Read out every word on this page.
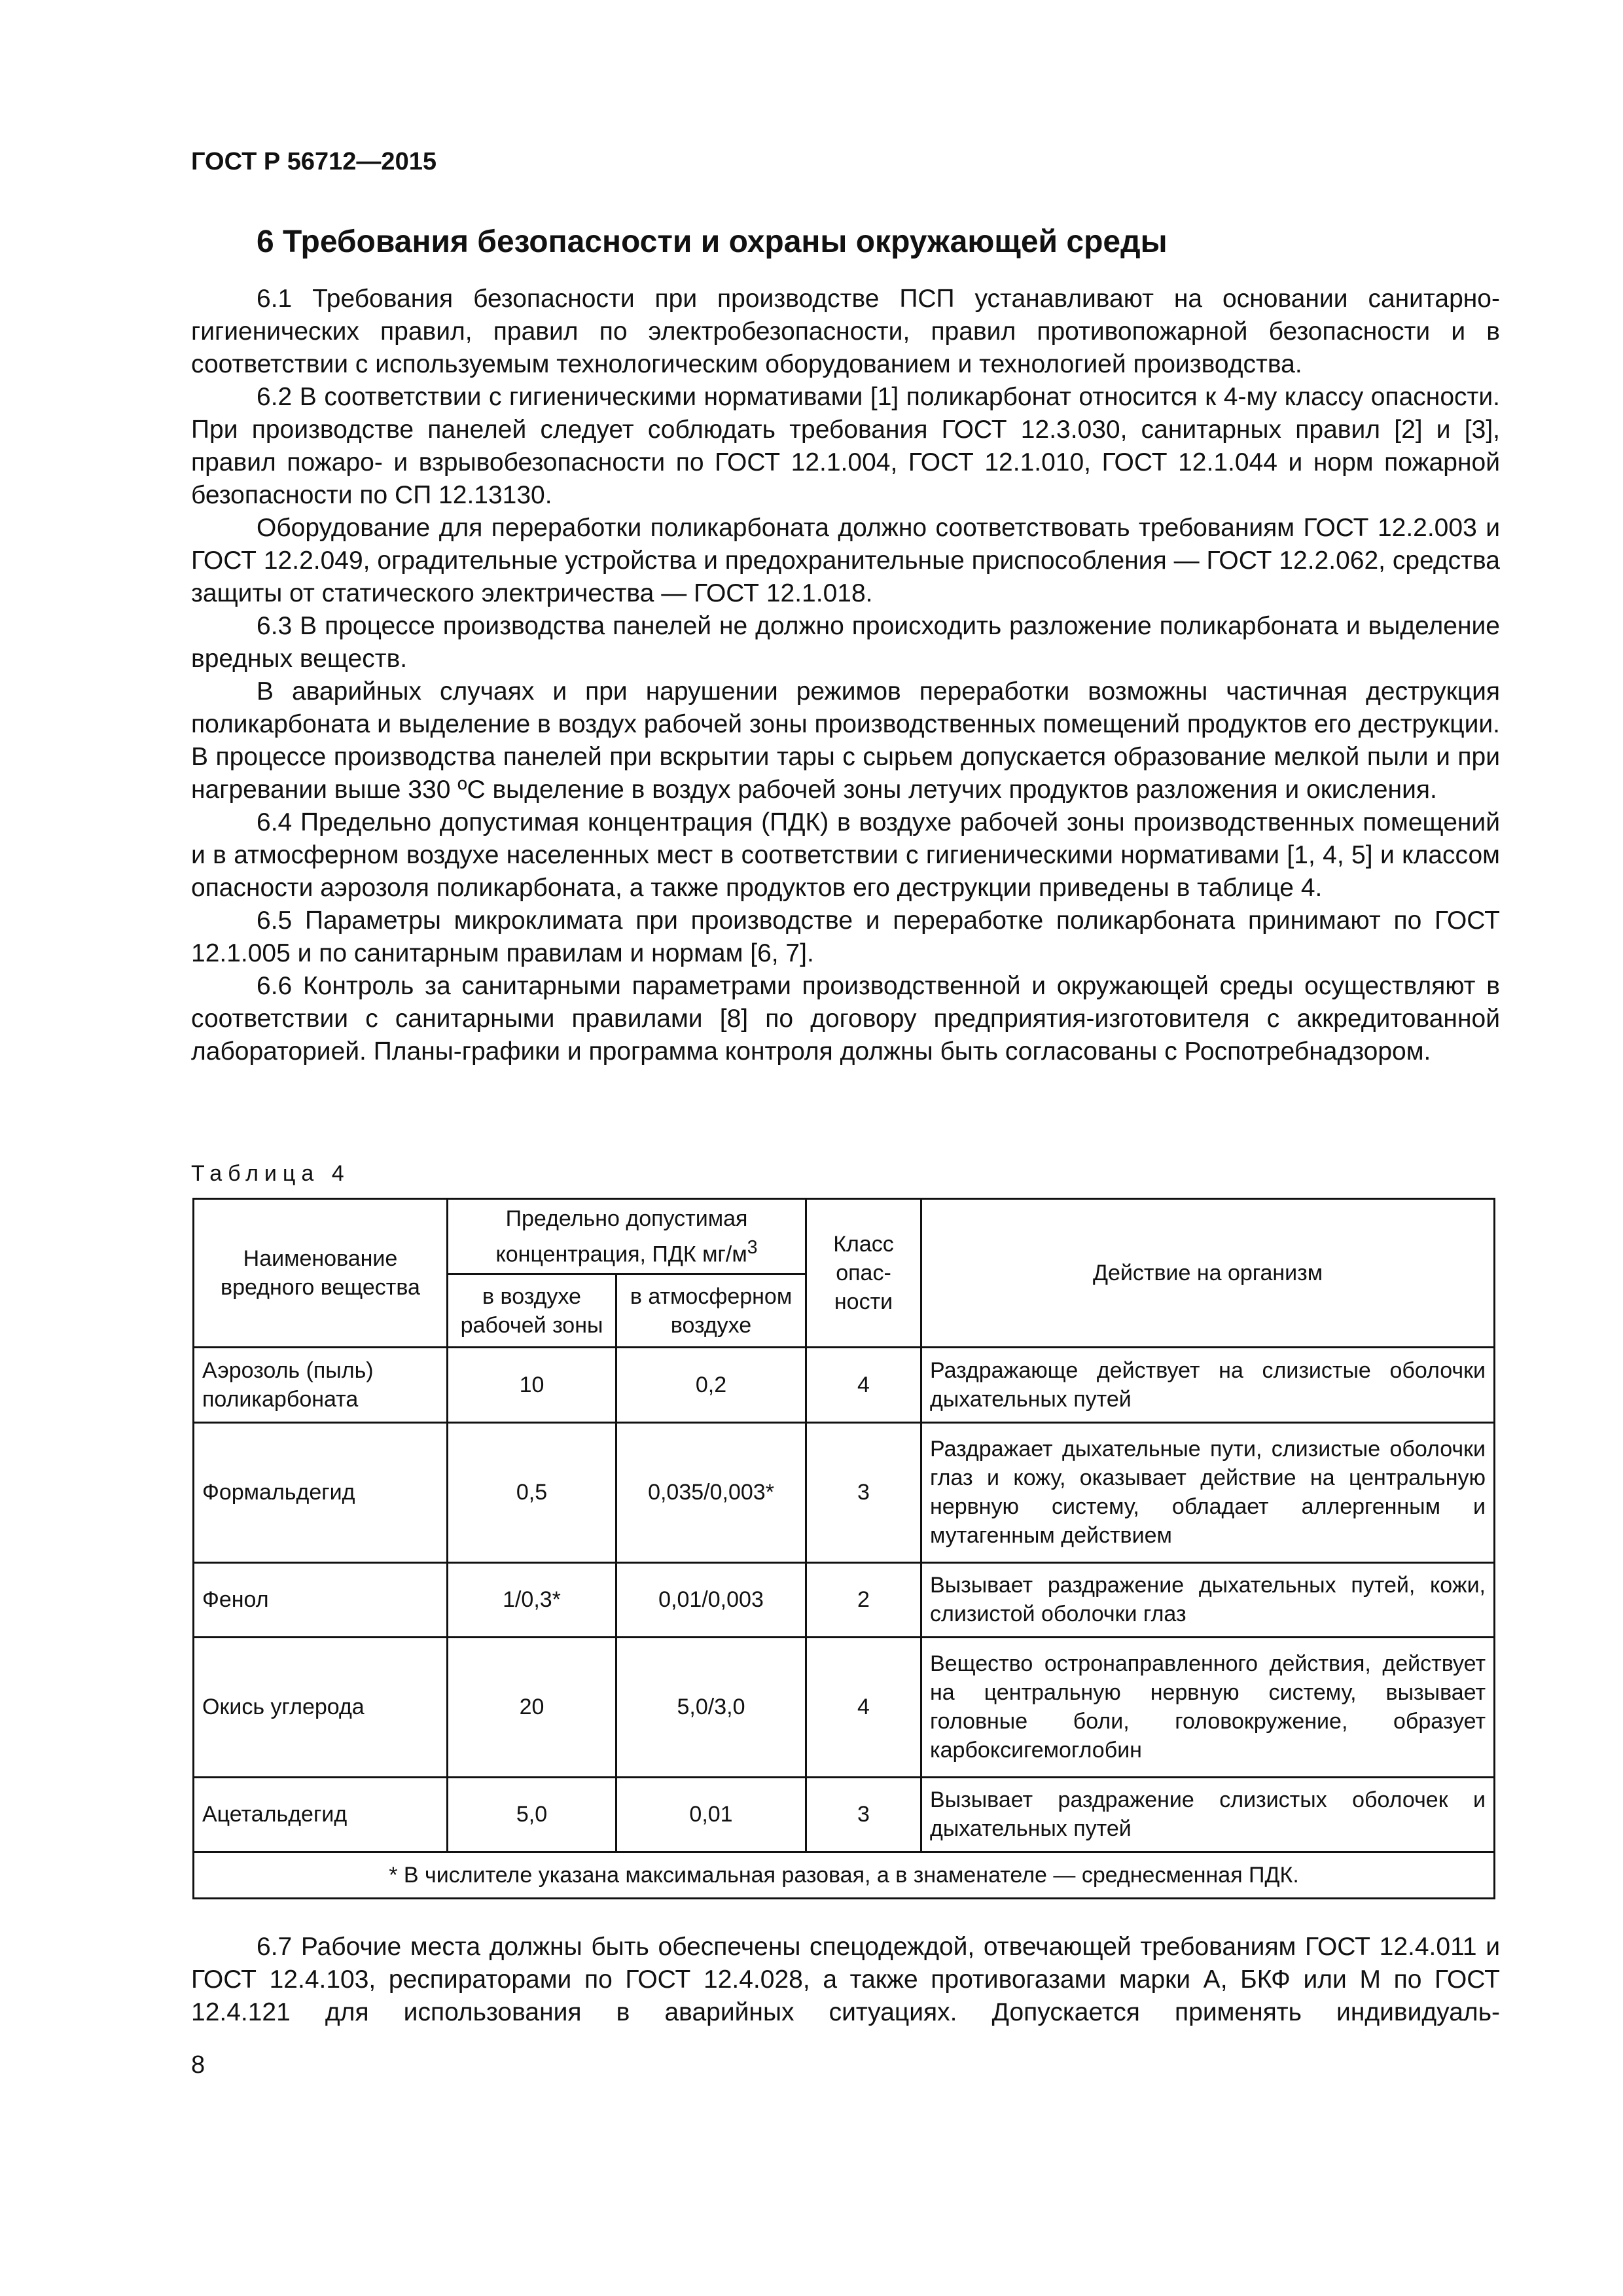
ГОСТ Р 56712—2015
6 Требования безопасности и охраны окружающей среды

6.1 Требования безопасности при производстве ПСП устанавливают на основании санитарно-гигиенических правил, правил по электробезопасности, правил противопожарной безопасности и в соответствии с используемым технологическим оборудованием и технологией производства.

6.2 В соответствии с гигиеническими нормативами [1] поликарбонат относится к 4-му классу опасности. При производстве панелей следует соблюдать требования ГОСТ 12.3.030, санитарных правил [2] и [3], правил пожаро- и взрывобезопасности по ГОСТ 12.1.004, ГОСТ 12.1.010, ГОСТ 12.1.044 и норм пожарной безопасности по СП 12.13130.

Оборудование для переработки поликарбоната должно соответствовать требованиям ГОСТ 12.2.003 и ГОСТ 12.2.049, оградительные устройства и предохранительные приспособления — ГОСТ 12.2.062, средства защиты от статического электричества — ГОСТ 12.1.018.

6.3 В процессе производства панелей не должно происходить разложение поликарбоната и выделение вредных веществ.

В аварийных случаях и при нарушении режимов переработки возможны частичная деструкция поликарбоната и выделение в воздух рабочей зоны производственных помещений продуктов его деструкции. В процессе производства панелей при вскрытии тары с сырьем допускается образование мелкой пыли и при нагревании выше 330 ºС выделение в воздух рабочей зоны летучих продуктов разложения и окисления.

6.4 Предельно допустимая концентрация (ПДК) в воздухе рабочей зоны производственных помещений и в атмосферном воздухе населенных мест в соответствии с гигиеническими нормативами [1, 4, 5] и классом опасности аэрозоля поликарбоната, а также продуктов его деструкции приведены в таблице 4.

6.5 Параметры микроклимата при производстве и переработке поликарбоната принимают по ГОСТ 12.1.005 и по санитарным правилам и нормам [6, 7].

6.6 Контроль за санитарными параметрами производственной и окружающей среды осуществляют в соответствии с санитарными правилами [8] по договору предприятия-изготовителя с аккредитованной лабораторией. Планы-графики и программа контроля должны быть согласованы с Роспотребнадзором.

Таблица 4
Наименование вредного вещества	Предельно допустимая концентрация, ПДК $мг/м^3$		Класс опас-ности	Действие на организм
	в воздухе рабочей зоны	в атмосферном воздухе		
Аэрозоль (пыль) поликарбоната	10	0,2	4	Раздражающе действует на слизистые оболочки дыхательных путей
Формальдегид	0,5	0,035/0,003*	3	Раздражает дыхательные пути, слизистые оболочки глаз и кожу, оказывает действие на центральную нервную систему, обладает аллергенным и мутагенным действием
Фенол	1/0,3*	0,01/0,003	2	Вызывает раздражение дыхательных путей, кожи, слизистой оболочки глаз
Окись углерода	20	5,0/3,0	4	Вещество остронаправленного действия, действует на центральную нервную систему, вызывает головные боли, головокружение, образует карбоксигемоглобин
Ацетальдегид	5,0	0,01	3	Вызывает раздражение слизистых оболочек и дыхательных путей
* В числителе указана максимальная разовая, а в знаменателе — среднесменная ПДК.				

6.7 Рабочие места должны быть обеспечены спецодеждой, отвечающей требованиям ГОСТ 12.4.011 и ГОСТ 12.4.103, респираторами по ГОСТ 12.4.028, а также противогазами марки А, БКФ или М по ГОСТ 12.4.121 для использования в аварийных ситуациях. Допускается применять индивидуаль-

8
